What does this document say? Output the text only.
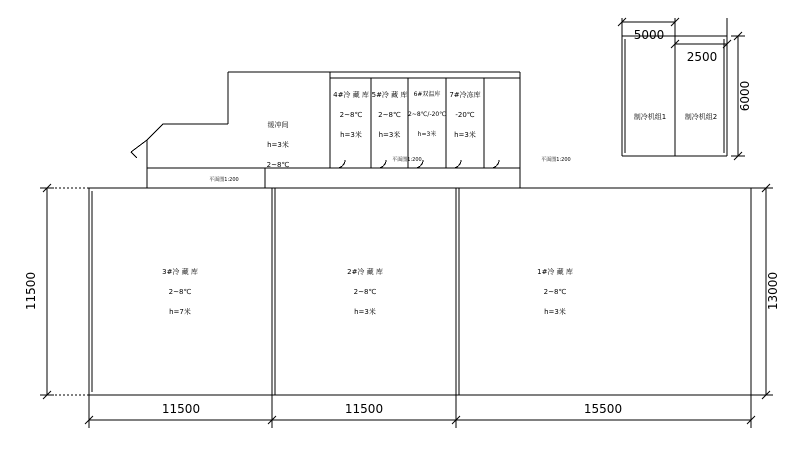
缓冲间

h=3米

2~8℃

4#冷 藏 库

2~8℃

h=3米

5#冷 藏 库

2~8℃

h=3米

6#双温库

2~8℃/-20℃

h=3米

7#冷冻库

-20℃

h=3米

3#冷 藏 库

2~8℃

h=7米

2#冷 藏 库

2~8℃

h=3米

1#冷 藏 库

2~8℃

h=3米

制冷机组1	制冷机组2
平面图1:200
平面图1:200	平面图1:200
5000
2500
6000
13000
11500
11500	11500	15500
